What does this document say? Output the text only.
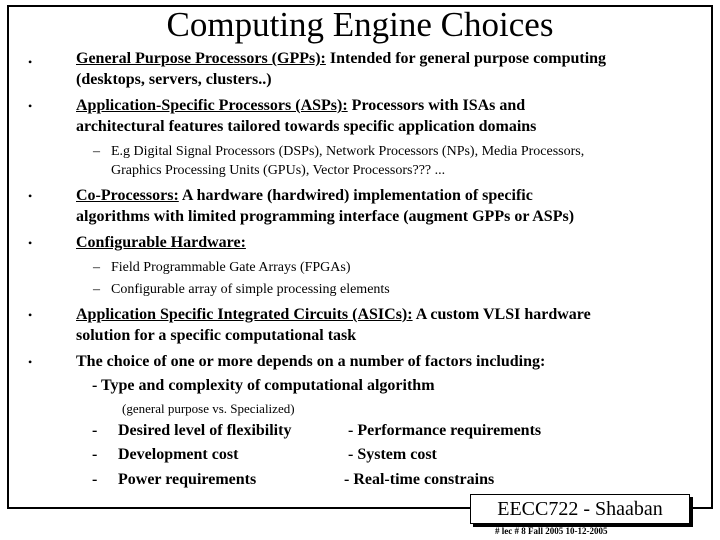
Computing Engine Choices
•	General Purpose Processors (GPPs): Intended for general purpose computing
(desktops, servers, clusters..)
•	Application-Specific Processors (ASPs): Processors with ISAs and
architectural features tailored towards specific application domains
– E.g Digital Signal Processors (DSPs), Network Processors (NPs), Media Processors,
Graphics Processing Units (GPUs), Vector Processors??? ...
•	Co-Processors: A hardware (hardwired) implementation of specific
algorithms with limited programming interface (augment GPPs or ASPs)
•	Configurable Hardware:
– Field Programmable Gate Arrays (FPGAs)
– Configurable array of simple processing elements
•	Application Specific Integrated Circuits (ASICs): A custom VLSI hardware
solution for a specific computational task
•	The choice of one or more depends on a number of factors including:
- Type and complexity of computational algorithm
(general purpose vs. Specialized)
- Desired level of flexibility	- Performance requirements
- Development cost	- System cost
- Power requirements	- Real-time constrains
EECC722 - Shaaban
# lec # 8 Fall 2005 10-12-2005
